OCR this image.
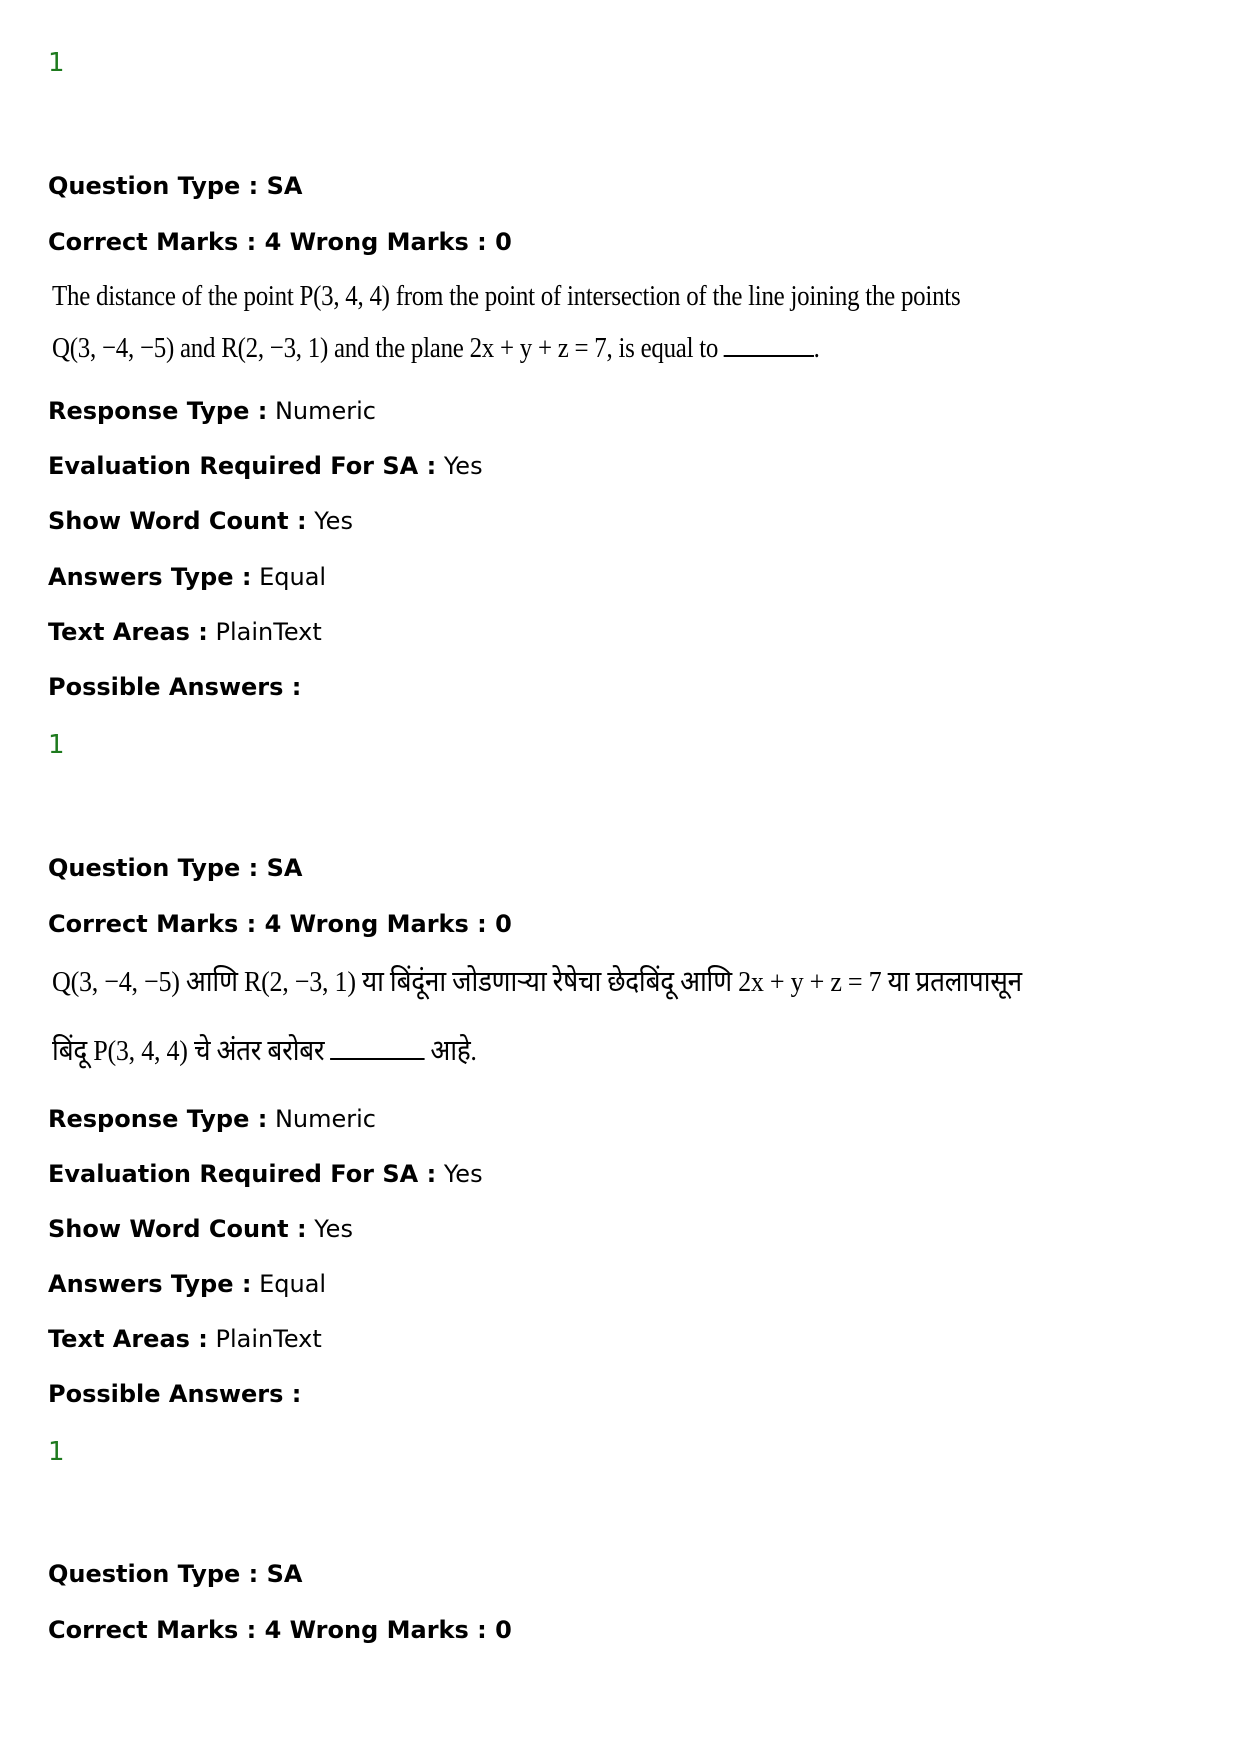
1
Question Type : SA
Correct Marks : 4 Wrong Marks : 0
The distance of the point P(3, 4, 4) from the point of intersection of the line joining the points
Q(3, −4, −5) and R(2, −3, 1) and the plane 2x + y + z = 7, is equal to	.
Response Type : Numeric
Evaluation Required For SA : Yes
Show Word Count : Yes
Answers Type : Equal
Text Areas : PlainText
Possible Answers :
1
Question Type : SA
Correct Marks : 4 Wrong Marks : 0
Q(3, −4, −5) आणि R(2, −3, 1) या बिंदूंना जोडणाऱ्या रेषेचा छेदबिंदू आणि 2x + y + z = 7 या प्रतलापासून
बिंदू P(3, 4, 4) चे अंतर बरोबर	आहे.
Response Type : Numeric
Evaluation Required For SA : Yes
Show Word Count : Yes
Answers Type : Equal
Text Areas : PlainText
Possible Answers :
1
Question Type : SA
Correct Marks : 4 Wrong Marks : 0
